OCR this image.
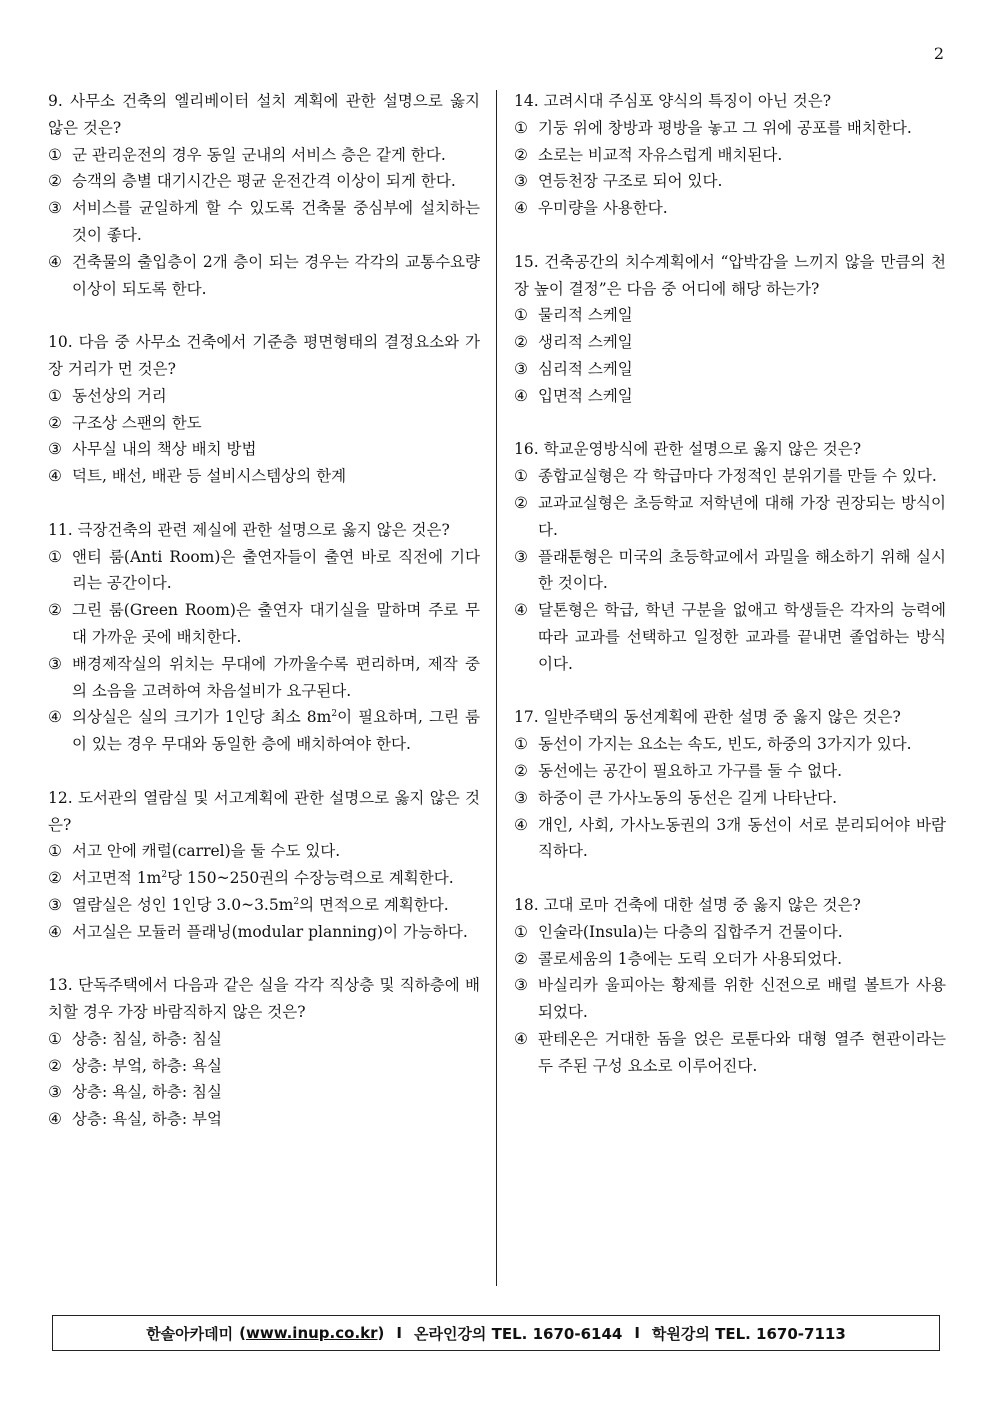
2
9. 사무소 건축의 엘리베이터 설치 계획에 관한 설명으로 옳지 않은 것은?
① 군 관리운전의 경우 동일 군내의 서비스 층은 같게 한다.
② 승객의 층별 대기시간은 평균 운전간격 이상이 되게 한다.
③ 서비스를 균일하게 할 수 있도록 건축물 중심부에 설치하는 것이 좋다.
④ 건축물의 출입층이 2개 층이 되는 경우는 각각의 교통수요량 이상이 되도록 한다.
10. 다음 중 사무소 건축에서 기준층 평면형태의 결정요소와 가장 거리가 먼 것은?
① 동선상의 거리
② 구조상 스팬의 한도
③ 사무실 내의 책상 배치 방법
④ 덕트, 배선, 배관 등 설비시스템상의 한계
11. 극장건축의 관련 제실에 관한 설명으로 옳지 않은 것은?
① 앤티 룸(Anti Room)은 출연자들이 출연 바로 직전에 기다리는 공간이다.
② 그린 룸(Green Room)은 출연자 대기실을 말하며 주로 무대 가까운 곳에 배치한다.
③ 배경제작실의 위치는 무대에 가까울수록 편리하며, 제작 중의 소음을 고려하여 차음설비가 요구된다.
④ 의상실은 실의 크기가 1인당 최소 $8m^2$이 필요하며, 그린 룸이 있는 경우 무대와 동일한 층에 배치하여야 한다.
12. 도서관의 열람실 및 서고계획에 관한 설명으로 옳지 않은 것은?
① 서고 안에 캐럴(carrel)을 둘 수도 있다.
② 서고면적 $1m^2$당 150~250권의 수장능력으로 계획한다.
③ 열람실은 성인 1인당 $3.0\sim 3.5m^2$의 면적으로 계획한다.
④ 서고실은 모듈러 플래닝(modular planning)이 가능하다.
13. 단독주택에서 다음과 같은 실을 각각 직상층 및 직하층에 배치할 경우 가장 바람직하지 않은 것은?
① 상층: 침실, 하층: 침실
② 상층: 부엌, 하층: 욕실
③ 상층: 욕실, 하층: 침실
④ 상층: 욕실, 하층: 부엌
14. 고려시대 주심포 양식의 특징이 아닌 것은?
① 기둥 위에 창방과 평방을 놓고 그 위에 공포를 배치한다.
② 소로는 비교적 자유스럽게 배치된다.
③ 연등천장 구조로 되어 있다.
④ 우미량을 사용한다.
15. 건축공간의 치수계획에서 “압박감을 느끼지 않을 만큼의 천장 높이 결정”은 다음 중 어디에 해당 하는가?
① 물리적 스케일
② 생리적 스케일
③ 심리적 스케일
④ 입면적 스케일
16. 학교운영방식에 관한 설명으로 옳지 않은 것은?
① 종합교실형은 각 학급마다 가정적인 분위기를 만들 수 있다.
② 교과교실형은 초등학교 저학년에 대해 가장 권장되는 방식이다.
③ 플래툰형은 미국의 초등학교에서 과밀을 해소하기 위해 실시한 것이다.
④ 달톤형은 학급, 학년 구분을 없애고 학생들은 각자의 능력에 따라 교과를 선택하고 일정한 교과를 끝내면 졸업하는 방식이다.
17. 일반주택의 동선계획에 관한 설명 중 옳지 않은 것은?
① 동선이 가지는 요소는 속도, 빈도, 하중의 3가지가 있다.
② 동선에는 공간이 필요하고 가구를 둘 수 없다.
③ 하중이 큰 가사노동의 동선은 길게 나타난다.
④ 개인, 사회, 가사노동권의 3개 동선이 서로 분리되어야 바람직하다.
18. 고대 로마 건축에 대한 설명 중 옳지 않은 것은?
① 인술라(Insula)는 다층의 집합주거 건물이다.
② 콜로세움의 1층에는 도릭 오더가 사용되었다.
③ 바실리카 울피아는 황제를 위한 신전으로 배럴 볼트가 사용되었다.
④ 판테온은 거대한 돔을 얹은 로툰다와 대형 열주 현관이라는 두 주된 구성 요소로 이루어진다.
한솔아카데미 ( www.inup.co.kr ) I 온라인강의 TEL. 1670-6144 I 학원강의 TEL. 1670-7113
